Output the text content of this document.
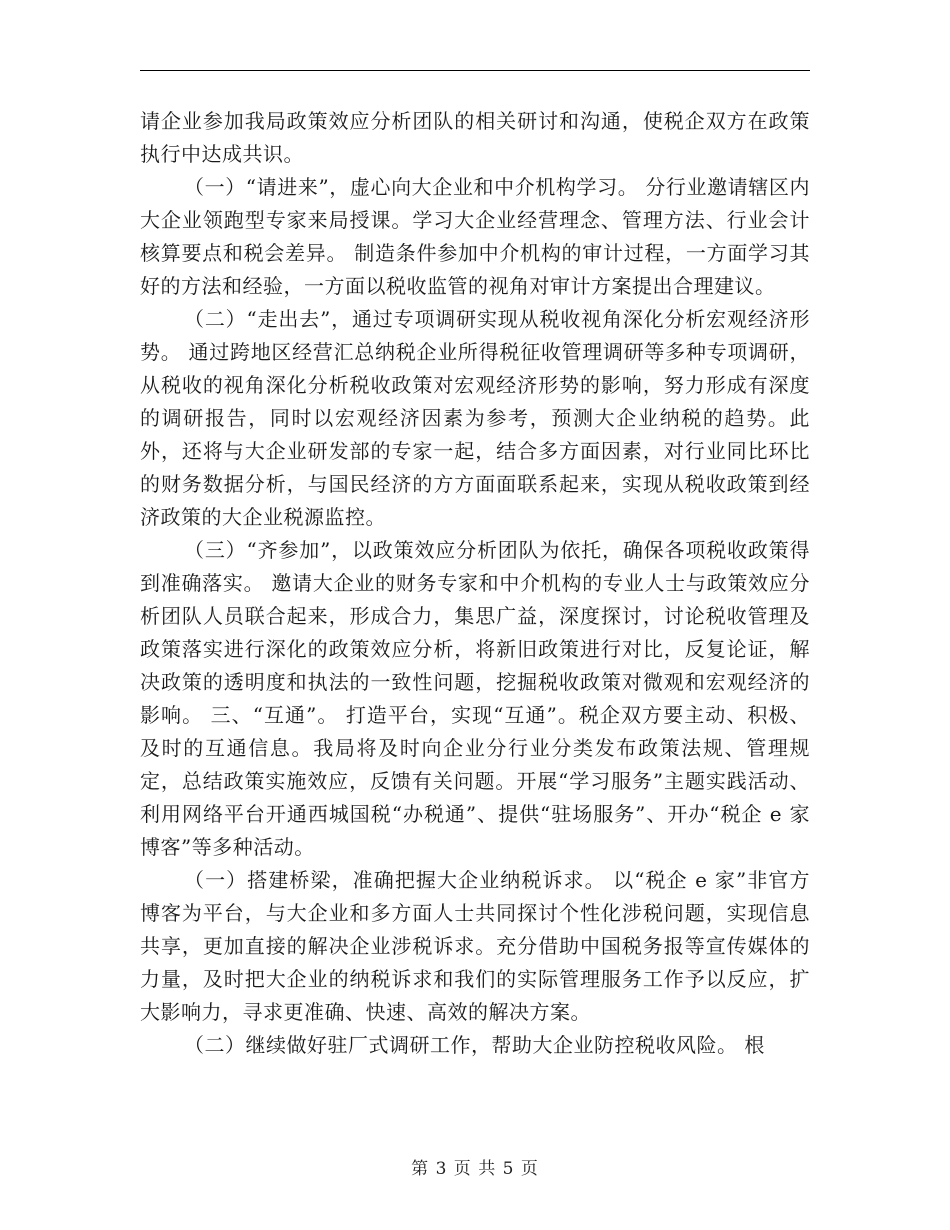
请企业参加我局政策效应分析团队的相关研讨和沟通，使税企双方在政策执行中达成共识。

（一）“请进来”，虚心向大企业和中介机构学习。 分行业邀请辖区内大企业领跑型专家来局授课。学习大企业经营理念、管理方法、行业会计核算要点和税会差异。 制造条件参加中介机构的审计过程，一方面学习其好的方法和经验，一方面以税收监管的视角对审计方案提出合理建议。

（二）“走出去”，通过专项调研实现从税收视角深化分析宏观经济形势。 通过跨地区经营汇总纳税企业所得税征收管理调研等多种专项调研，从税收的视角深化分析税收政策对宏观经济形势的影响，努力形成有深度的调研报告，同时以宏观经济因素为参考，预测大企业纳税的趋势。此外，还将与大企业研发部的专家一起，结合多方面因素，对行业同比环比的财务数据分析，与国民经济的方方面面联系起来，实现从税收政策到经济政策的大企业税源监控。

（三）“齐参加”，以政策效应分析团队为依托，确保各项税收政策得到准确落实。 邀请大企业的财务专家和中介机构的专业人士与政策效应分析团队人员联合起来，形成合力，集思广益，深度探讨，讨论税收管理及政策落实进行深化的政策效应分析，将新旧政策进行对比，反复论证，解决政策的透明度和执法的一致性问题，挖掘税收政策对微观和宏观经济的影响。 三、“互通”。 打造平台，实现“互通”。税企双方要主动、积极、及时的互通信息。我局将及时向企业分行业分类发布政策法规、管理规定，总结政策实施效应，反馈有关问题。开展“学习服务”主题实践活动、利用网络平台开通西城国税“办税通”、提供“驻场服务”、开办“税企 e 家博客”等多种活动。

（一）搭建桥梁，准确把握大企业纳税诉求。 以“税企 e 家”非官方博客为平台，与大企业和多方面人士共同探讨个性化涉税问题，实现信息共享，更加直接的解决企业涉税诉求。充分借助中国税务报等宣传媒体的力量，及时把大企业的纳税诉求和我们的实际管理服务工作予以反应，扩大影响力，寻求更准确、快速、高效的解决方案。

（二）继续做好驻厂式调研工作，帮助大企业防控税收风险。 根

第 3 页 共 5 页
